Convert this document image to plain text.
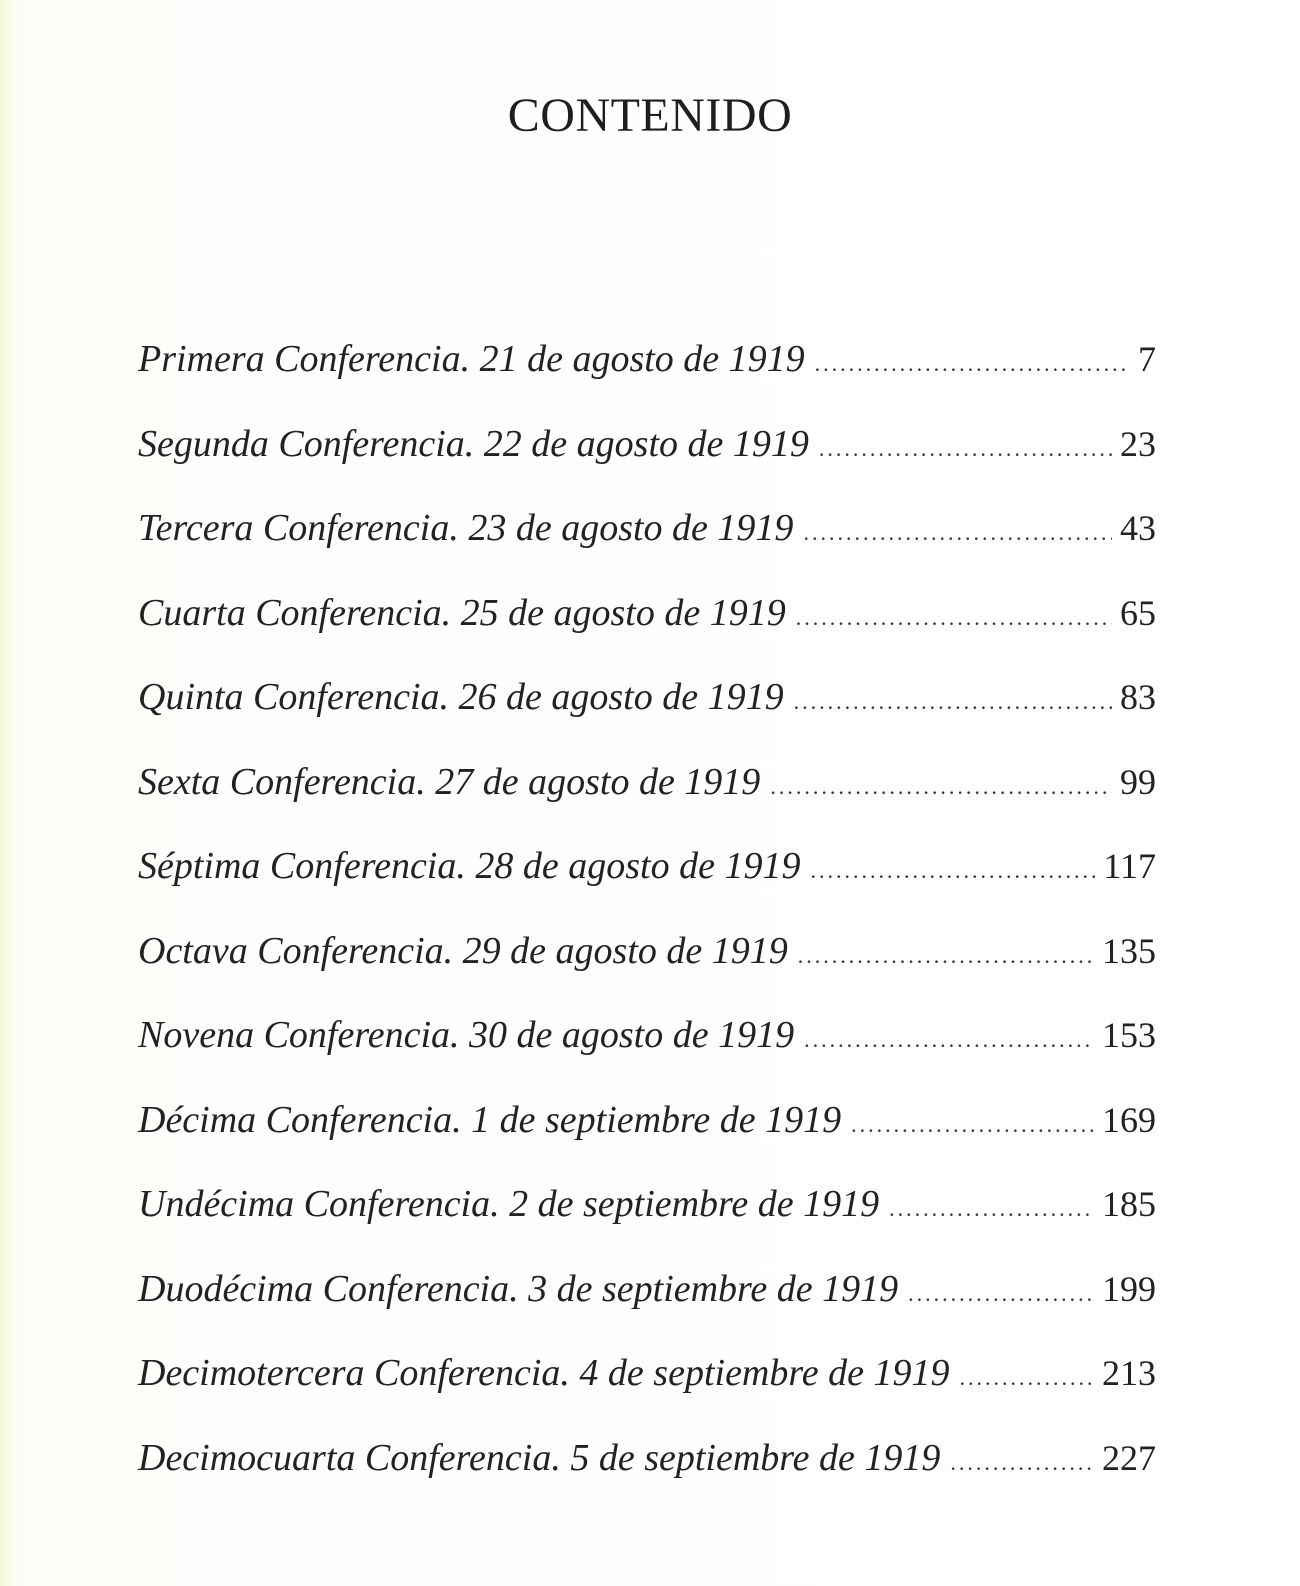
CONTENIDO
Primera Conferencia. 21 de agosto de 1919 .....	7
Segunda Conferencia. 22 de agosto de 1919 .....	23
Tercera Conferencia. 23 de agosto de 1919 .....	43
Cuarta Conferencia. 25 de agosto de 1919 .....	65
Quinta Conferencia. 26 de agosto de 1919 .....	83
Sexta Conferencia. 27 de agosto de 1919 .....	99
Séptima Conferencia. 28 de agosto de 1919 .....	117
Octava Conferencia. 29 de agosto de 1919 .....	135
Novena Conferencia. 30 de agosto de 1919 .....	153
Décima Conferencia. 1 de septiembre de 1919 .....	169
Undécima Conferencia. 2 de septiembre de 1919 .....	185
Duodécima Conferencia. 3 de septiembre de 1919 .....	199
Decimotercera Conferencia. 4 de septiembre de 1919 .....	213
Decimocuarta Conferencia. 5 de septiembre de 1919 .....	227
